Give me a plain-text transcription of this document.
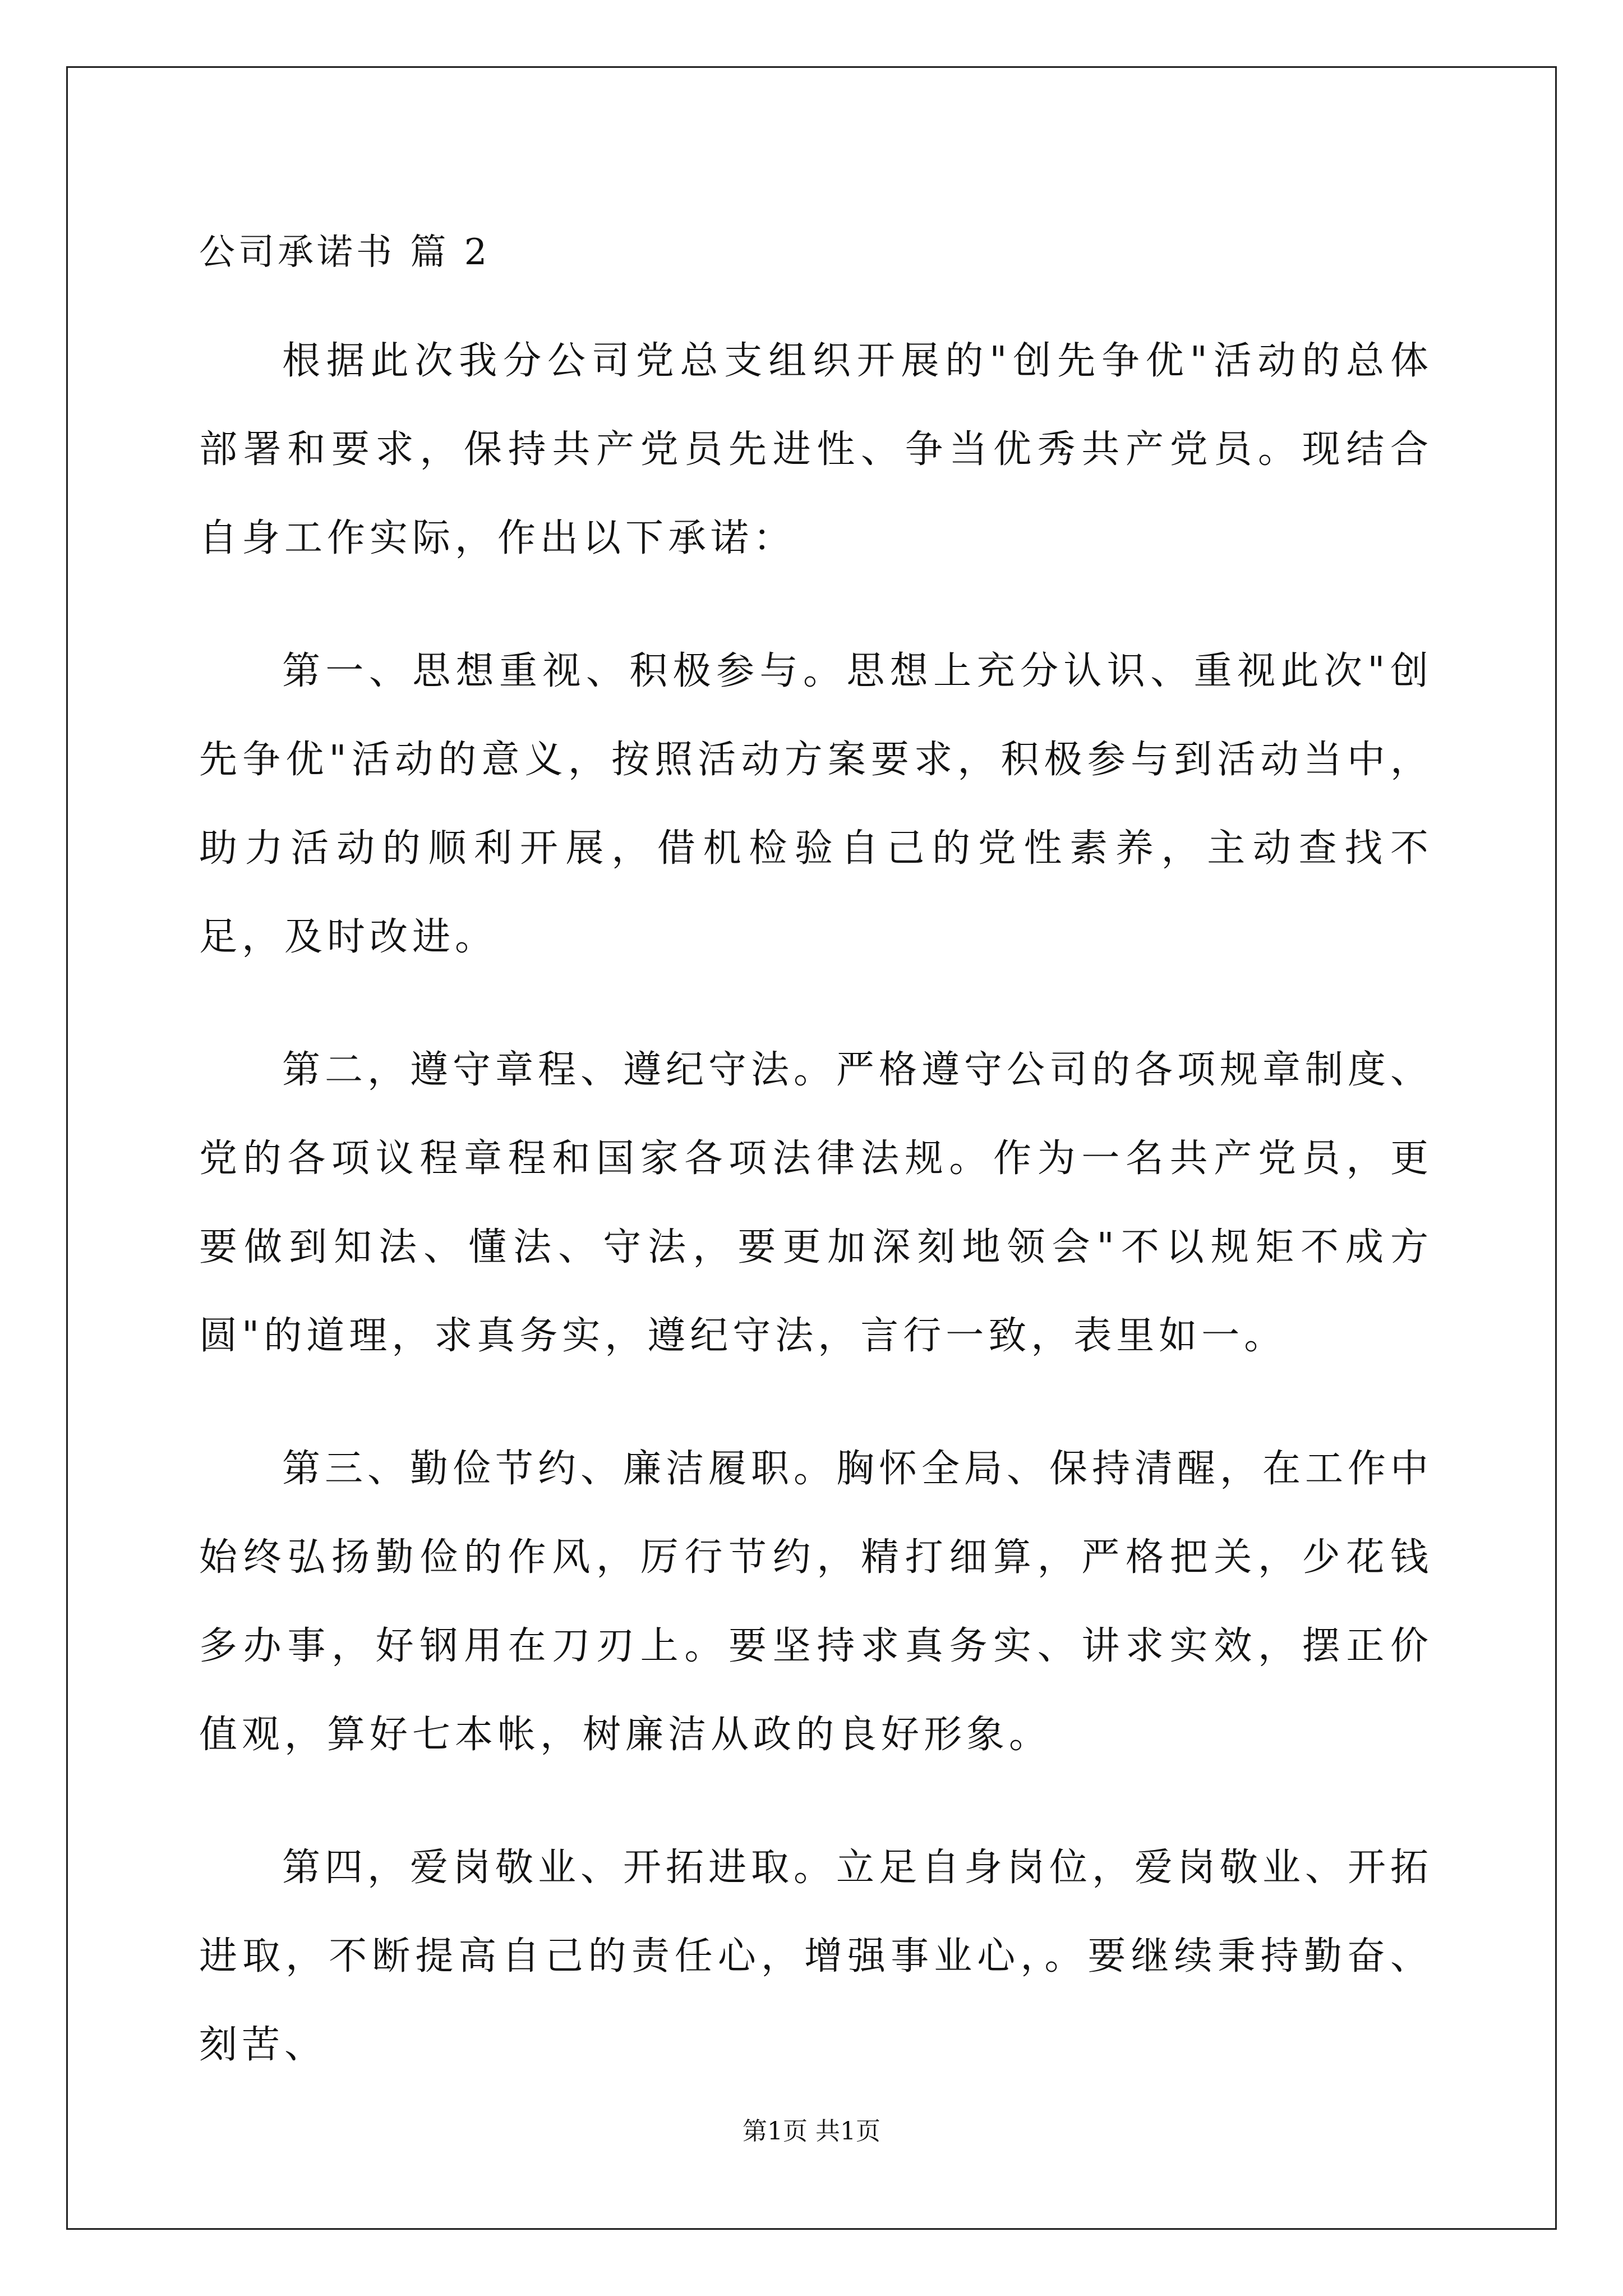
公司承诺书 篇 2

根据此次我分公司党总支组织开展的"创先争优"活动的总体部署和要求，保持共产党员先进性、争当优秀共产党员。现结合自身工作实际，作出以下承诺：

第一、思想重视、积极参与。思想上充分认识、重视此次"创先争优"活动的意义，按照活动方案要求，积极参与到活动当中，助力活动的顺利开展，借机检验自己的党性素养，主动查找不足，及时改进。

第二，遵守章程、遵纪守法。严格遵守公司的各项规章制度、党的各项议程章程和国家各项法律法规。作为一名共产党员，更要做到知法、懂法、守法，要更加深刻地领会"不以规矩不成方圆"的道理，求真务实，遵纪守法，言行一致，表里如一。

第三、勤俭节约、廉洁履职。胸怀全局、保持清醒，在工作中始终弘扬勤俭的作风，厉行节约，精打细算，严格把关，少花钱多办事，好钢用在刀刃上。要坚持求真务实、讲求实效，摆正价值观，算好七本帐，树廉洁从政的良好形象。

第四，爱岗敬业、开拓进取。立足自身岗位，爱岗敬业、开拓进取，不断提高自己的责任心，增强事业心，。要继续秉持勤奋、刻苦、

第1页 共1页
